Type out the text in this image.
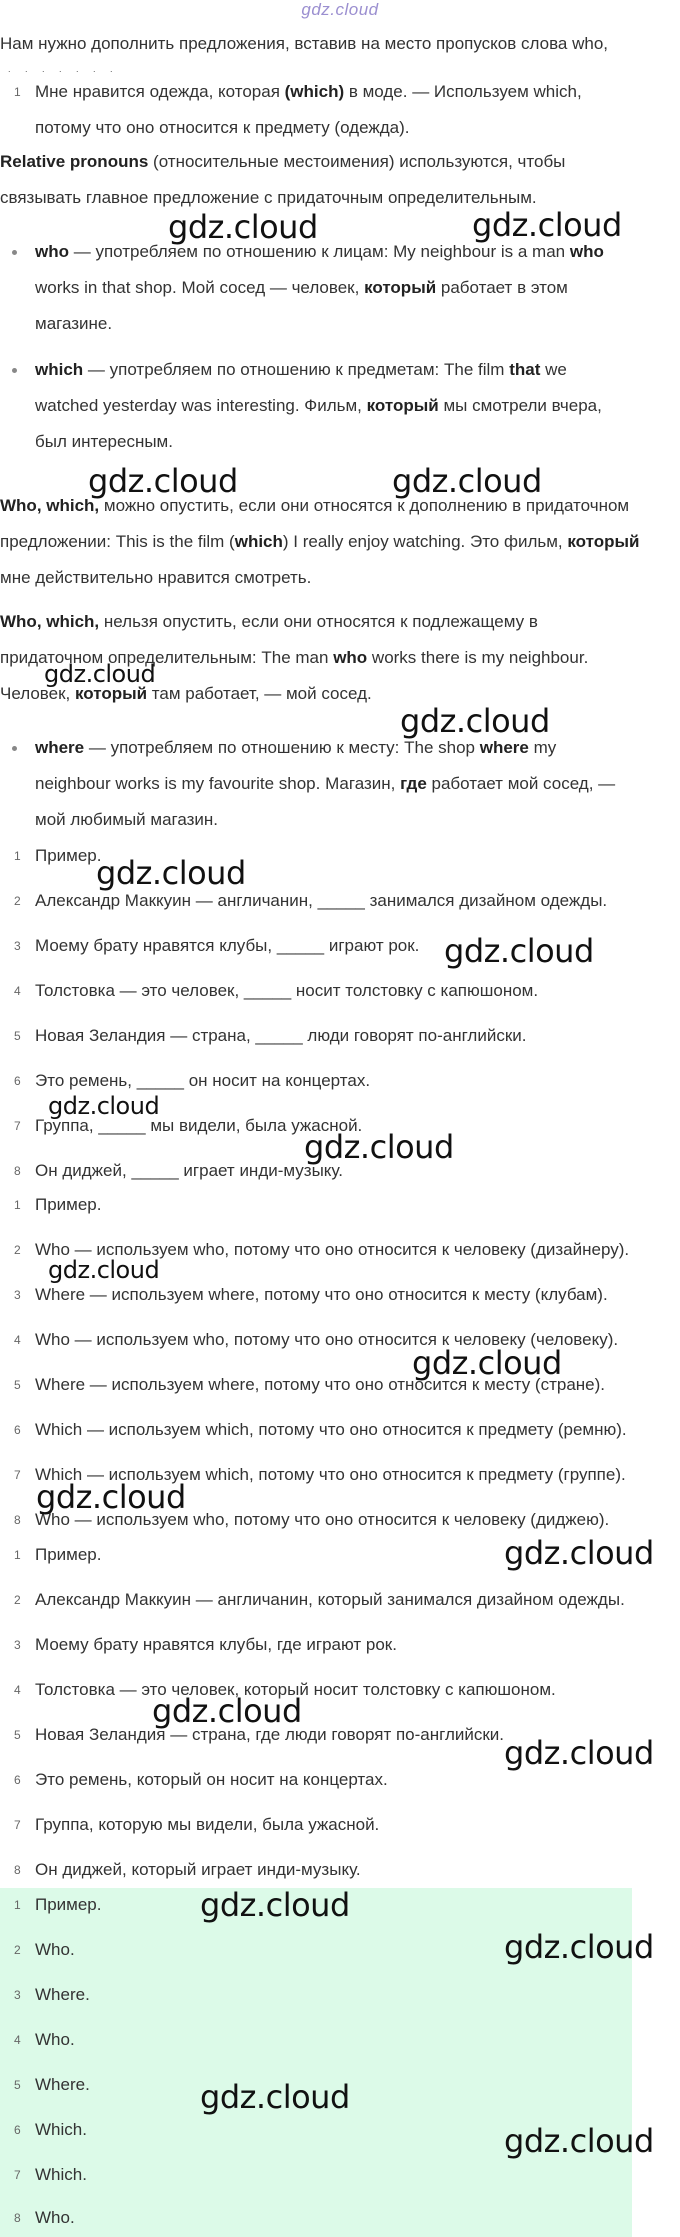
gdz.cloud
Нам нужно дополнить предложения, вставив на место пропусков слова who,
. . . . . . .
1 Мне нравится одежда, которая (which) в моде. — Используем which,
потому что оно относится к предмету (одежда).
Relative pronouns (относительные местоимения) используются, чтобы
связывать главное предложение с придаточным определительным.
who — употребляем по отношению к лицам: My neighbour is a man who
works in that shop. Мой сосед — человек, который работает в этом
магазине.
which — употребляем по отношению к предметам: The film that we
watched yesterday was interesting. Фильм, который мы смотрели вчера,
был интересным.
Who, which, можно опустить, если они относятся к дополнению в придаточном
предложении: This is the film (which) I really enjoy watching. Это фильм, который
мне действительно нравится смотреть.
Who, which, нельзя опустить, если они относятся к подлежащему в
придаточном определительным: The man who works there is my neighbour.
Человек, который там работает, — мой сосед.
where — употребляем по отношению к месту: The shop where my
neighbour works is my favourite shop. Магазин, где работает мой сосед, —
мой любимый магазин.
1 Пример.
2 Александр Маккуин — англичанин, _____ занимался дизайном одежды.
3 Моему брату нравятся клубы, _____ играют рок.
4 Толстовка — это человек, _____ носит толстовку с капюшоном.
5 Новая Зеландия — страна, _____ люди говорят по-английски.
6 Это ремень, _____ он носит на концертах.
7 Группа, _____ мы видели, была ужасной.
8 Он диджей, _____ играет инди-музыку.
1 Пример.
2 Who — используем who, потому что оно относится к человеку (дизайнеру).
3 Where — используем where, потому что оно относится к месту (клубам).
4 Who — используем who, потому что оно относится к человеку (человеку).
5 Where — используем where, потому что оно относится к месту (стране).
6 Which — используем which, потому что оно относится к предмету (ремню).
7 Which — используем which, потому что оно относится к предмету (группе).
8 Who — используем who, потому что оно относится к человеку (диджею).
1 Пример.
2 Александр Маккуин — англичанин, который занимался дизайном одежды.
3 Моему брату нравятся клубы, где играют рок.
4 Толстовка — это человек, который носит толстовку с капюшоном.
5 Новая Зеландия — страна, где люди говорят по-английски.
6 Это ремень, который он носит на концертах.
7 Группа, которую мы видели, была ужасной.
8 Он диджей, который играет инди-музыку.
1 Пример.
2 Who.
3 Where.
4 Who.
5 Where.
6 Which.
7 Which.
8 Who.
gdz.cloud	gdz.cloud
gdz.cloud	gdz.cloud
gdz.cloud
gdz.cloud
gdz.cloud
gdz.cloud
gdz.cloud
gdz.cloud
gdz.cloud
gdz.cloud
gdz.cloud
gdz.cloud
gdz.cloud
gdz.cloud
gdz.cloud
gdz.cloud
gdz.cloud
gdz.cloud
